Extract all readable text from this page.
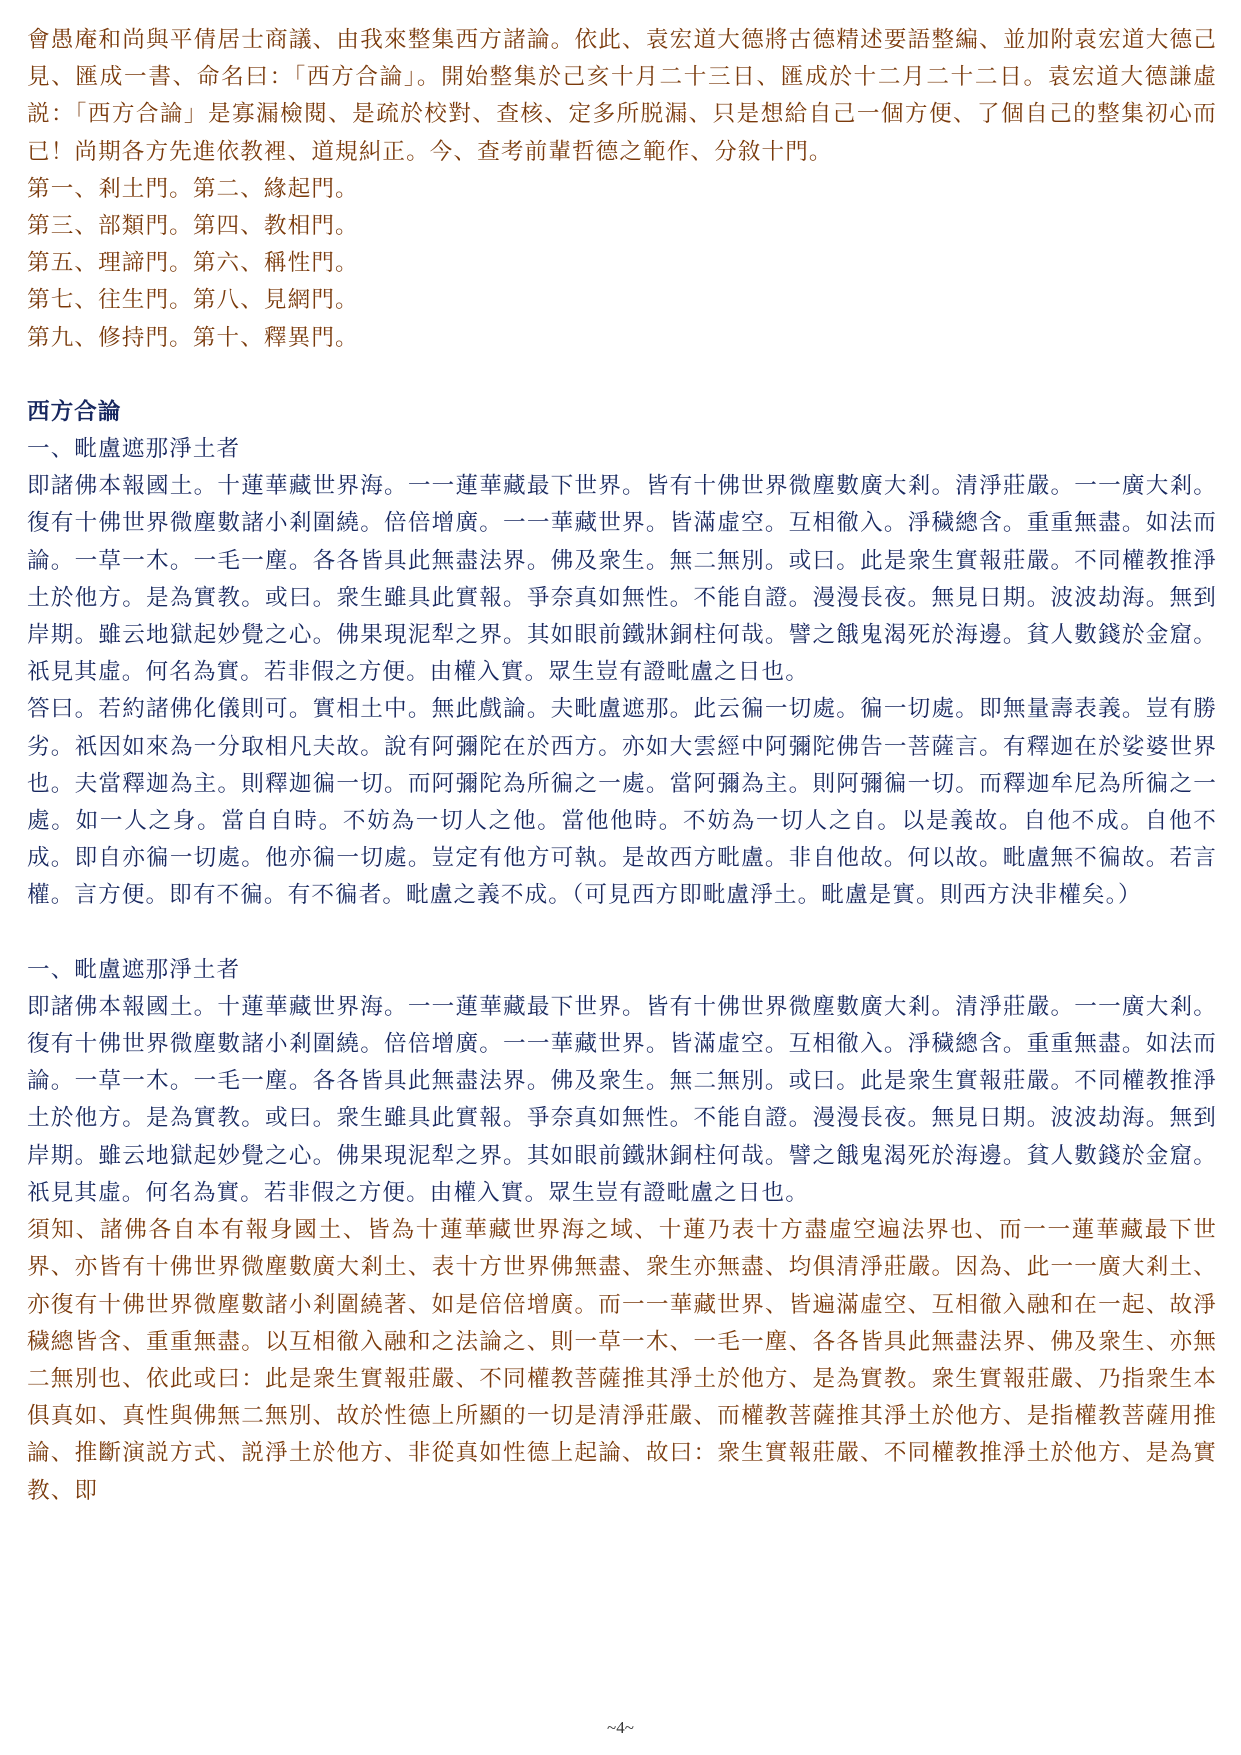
會愚庵和尚與平倩居士商議、由我來整集西方諸論。依此、袁宏道大德將古德精述要語整編、並加附袁宏道大德己見、匯成一書、命名曰：「西方合論」。開始整集於己亥十月二十三日、匯成於十二月二十二日。袁宏道大德謙虛説：「西方合論」是寡漏檢閱、是疏於校對、查核、定多所脱漏、只是想給自己一個方便、了個自己的整集初心而已！尚期各方先進依教裡、道規糾正。今、查考前輩哲德之範作、分敘十門。

第一、剎土門。第二、緣起門。

第三、部類門。第四、教相門。

第五、理諦門。第六、稱性門。

第七、往生門。第八、見網門。

第九、修持門。第十、釋異門。

西方合論

一、毗盧遮那淨土者

即諸佛本報國土。十蓮華藏世界海。一一蓮華藏最下世界。皆有十佛世界微塵數廣大剎。清淨莊嚴。一一廣大剎。復有十佛世界微塵數諸小剎圍繞。倍倍增廣。一一華藏世界。皆滿虛空。互相徹入。淨穢總含。重重無盡。如法而論。一草一木。一毛一塵。各各皆具此無盡法界。佛及衆生。無二無別。或曰。此是衆生實報莊嚴。不同權教推淨土於他方。是為實教。或曰。衆生雖具此實報。爭奈真如無性。不能自證。漫漫長夜。無見日期。波波劫海。無到岸期。雖云地獄起妙覺之心。佛果現泥犁之界。其如眼前鐵牀銅柱何哉。譬之餓鬼渴死於海邊。貧人數錢於金窟。祇見其虛。何名為實。若非假之方便。由權入實。眾生豈有證毗盧之日也。

答曰。若約諸佛化儀則可。實相土中。無此戲論。夫毗盧遮那。此云徧一切處。徧一切處。即無量壽表義。豈有勝劣。祇因如來為一分取相凡夫故。說有阿彌陀在於西方。亦如大雲經中阿彌陀佛告一菩薩言。有釋迦在於娑婆世界也。夫當釋迦為主。則釋迦徧一切。而阿彌陀為所徧之一處。當阿彌為主。則阿彌徧一切。而釋迦牟尼為所徧之一處。如一人之身。當自自時。不妨為一切人之他。當他他時。不妨為一切人之自。以是義故。自他不成。自他不成。即自亦徧一切處。他亦徧一切處。豈定有他方可執。是故西方毗盧。非自他故。何以故。毗盧無不徧故。若言權。言方便。即有不徧。有不徧者。毗盧之義不成。（可見西方即毗盧淨土。毗盧是實。則西方決非權矣。）

一、毗盧遮那淨土者

即諸佛本報國土。十蓮華藏世界海。一一蓮華藏最下世界。皆有十佛世界微塵數廣大剎。清淨莊嚴。一一廣大剎。復有十佛世界微塵數諸小剎圍繞。倍倍增廣。一一華藏世界。皆滿虛空。互相徹入。淨穢總含。重重無盡。如法而論。一草一木。一毛一塵。各各皆具此無盡法界。佛及衆生。無二無別。或曰。此是衆生實報莊嚴。不同權教推淨土於他方。是為實教。或曰。衆生雖具此實報。爭奈真如無性。不能自證。漫漫長夜。無見日期。波波劫海。無到岸期。雖云地獄起妙覺之心。佛果現泥犁之界。其如眼前鐵牀銅柱何哉。譬之餓鬼渴死於海邊。貧人數錢於金窟。祇見其虛。何名為實。若非假之方便。由權入實。眾生豈有證毗盧之日也。

須知、諸佛各自本有報身國土、皆為十蓮華藏世界海之域、十蓮乃表十方盡虛空遍法界也、而一一蓮華藏最下世界、亦皆有十佛世界微塵數廣大剎土、表十方世界佛無盡、衆生亦無盡、均俱清淨莊嚴。因為、此一一廣大剎土、亦復有十佛世界微塵數諸小剎圍繞著、如是倍倍增廣。而一一華藏世界、皆遍滿虛空、互相徹入融和在一起、故淨穢總皆含、重重無盡。以互相徹入融和之法論之、則一草一木、一毛一塵、各各皆具此無盡法界、佛及衆生、亦無二無別也、依此或曰：此是衆生實報莊嚴、不同權教菩薩推其淨土於他方、是為實教。衆生實報莊嚴、乃指衆生本俱真如、真性與佛無二無別、故於性德上所顯的一切是清淨莊嚴、而權教菩薩推其淨土於他方、是指權教菩薩用推論、推斷演説方式、説淨土於他方、非從真如性德上起論、故曰：衆生實報莊嚴、不同權教推淨土於他方、是為實教、即

~4~
